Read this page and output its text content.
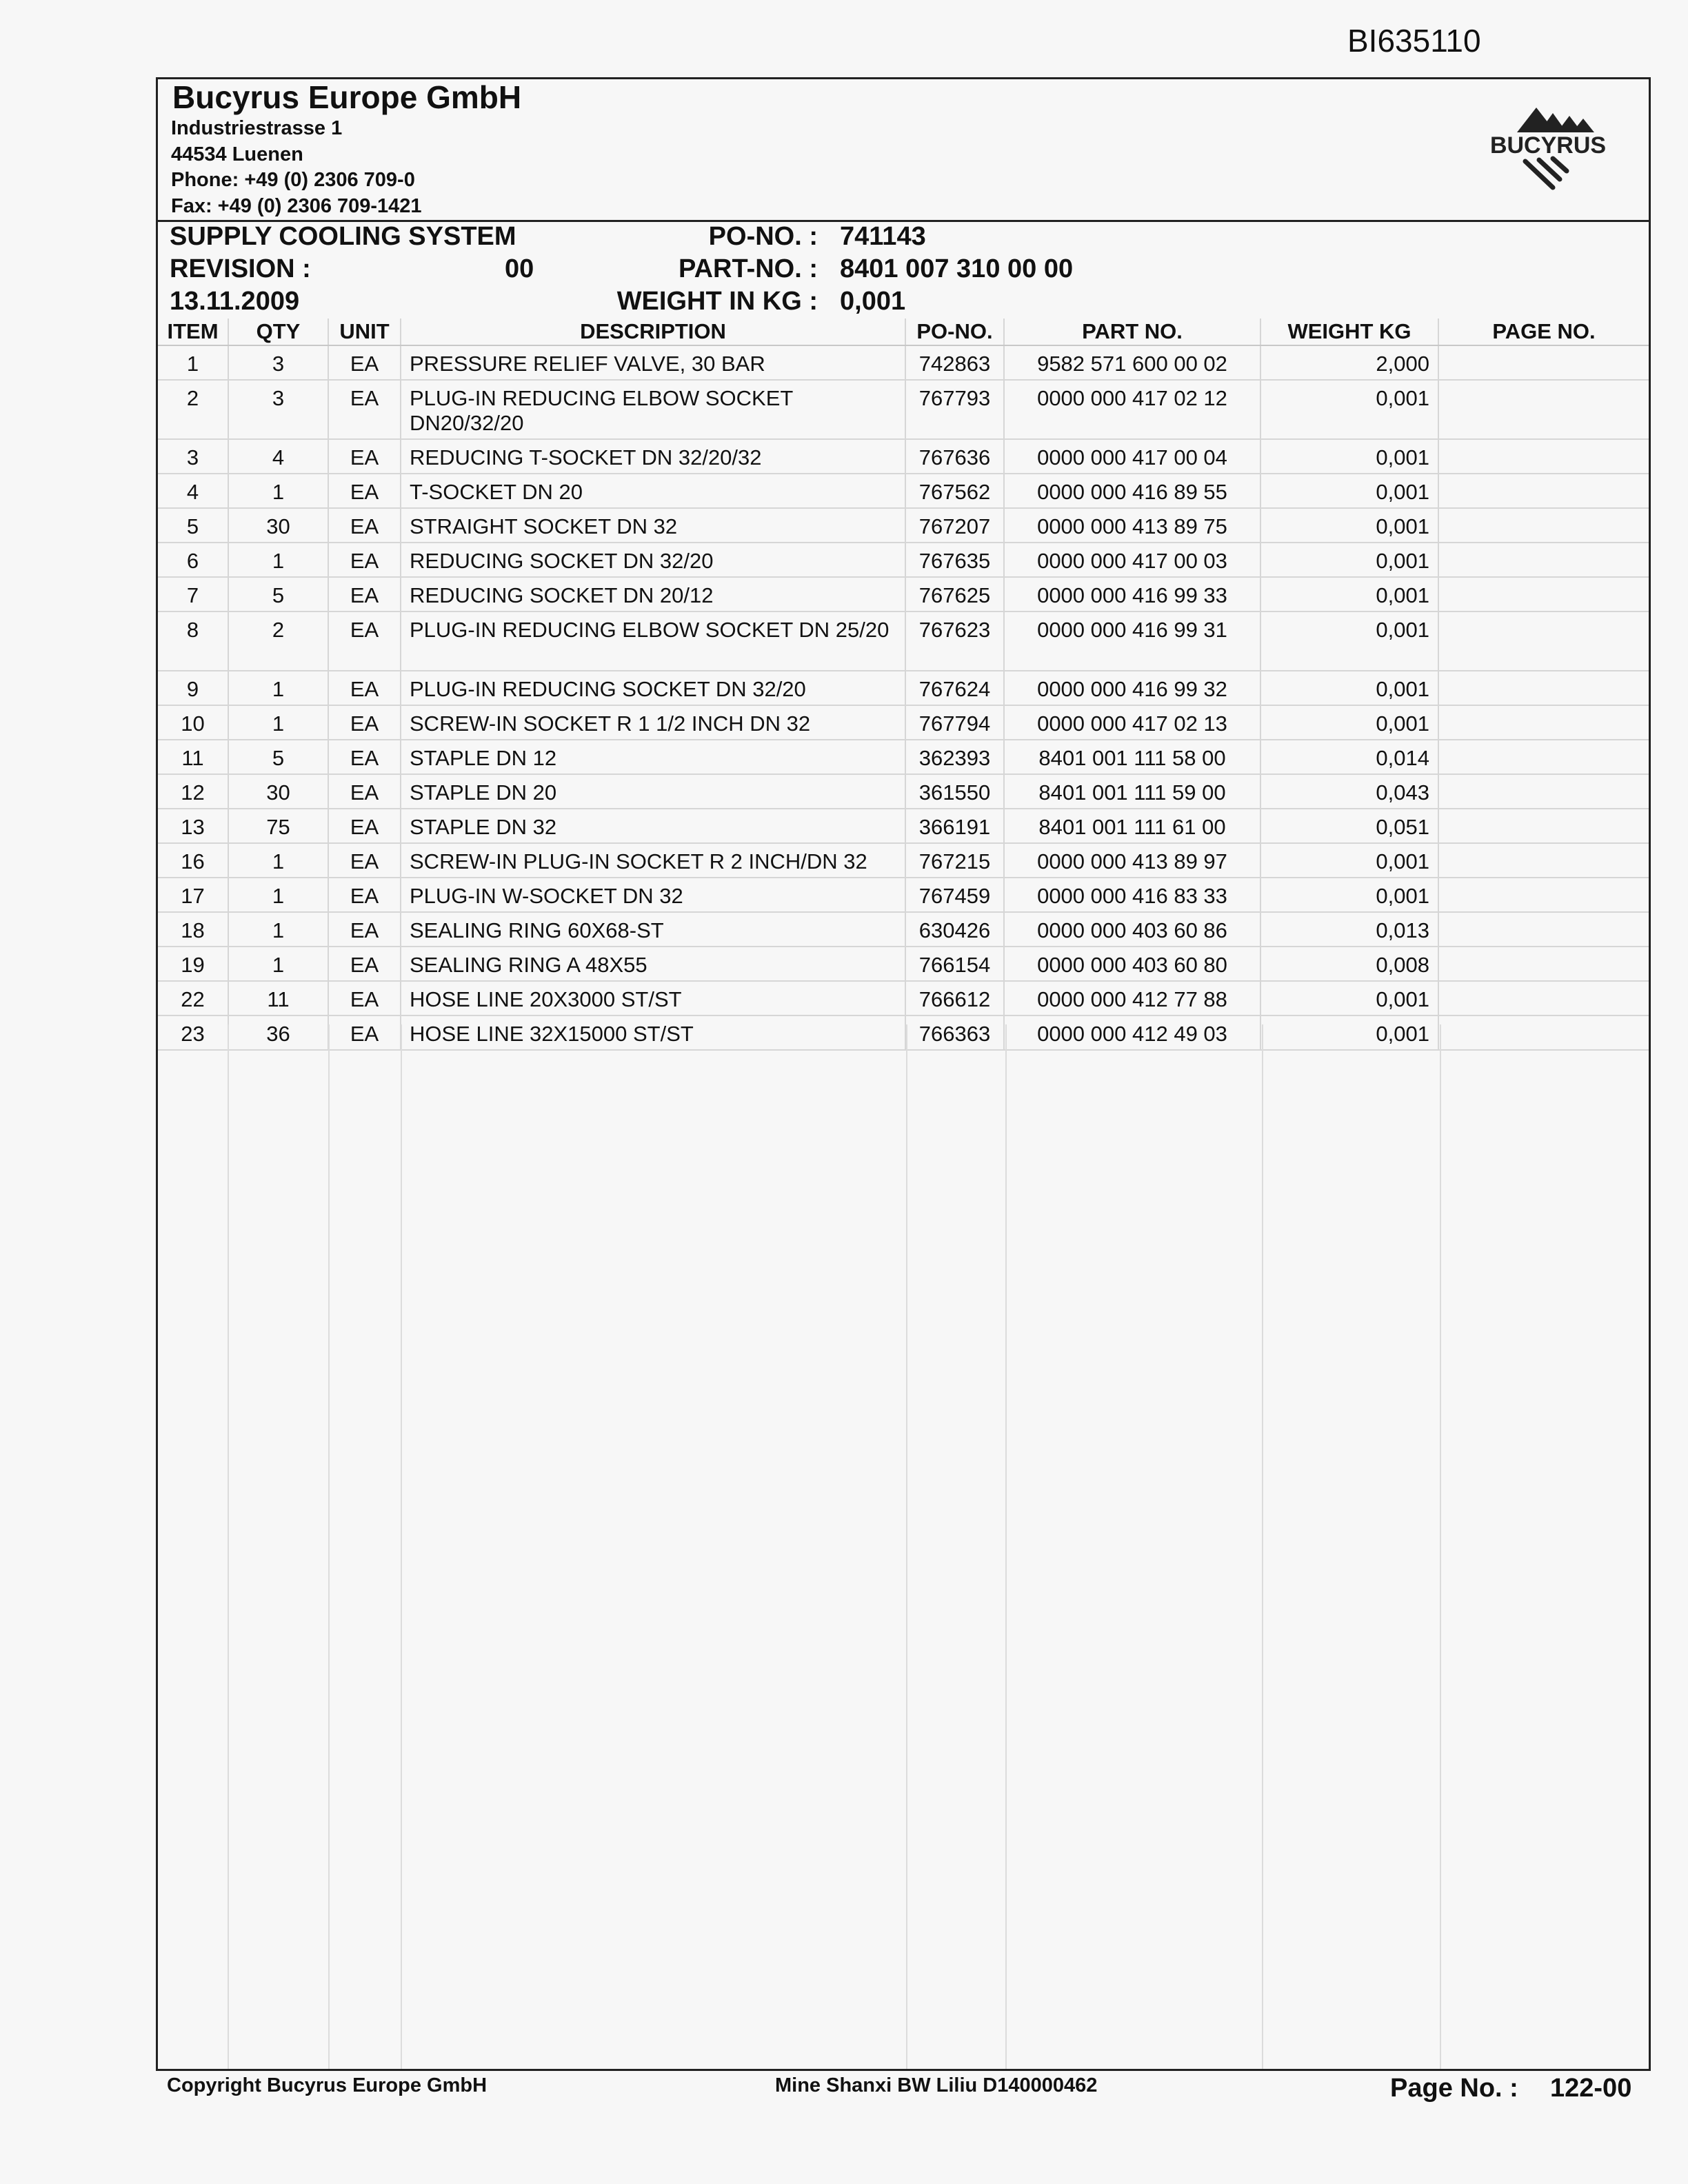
BI635110
Bucyrus Europe GmbH
Industriestrasse 1
44534 Luenen
Phone: +49 (0) 2306 709-0
Fax: +49 (0) 2306 709-1421
BUCYRUS
SUPPLY COOLING SYSTEM	PO-NO. : 741143
REVISION :	00	PART-NO. : 8401 007 310 00 00
13.11.2009	WEIGHT IN KG : 0,001
ITEM	QTY	UNIT	DESCRIPTION	PO-NO.	PART NO.	WEIGHT KG	PAGE NO.
1	3	EA	PRESSURE RELIEF VALVE, 30 BAR	742863	9582 571 600 00 02	2,000	
2	3	EA	PLUG-IN REDUCING ELBOW SOCKET DN20/32/20	767793	0000 000 417 02 12	0,001	
3	4	EA	REDUCING T-SOCKET DN 32/20/32	767636	0000 000 417 00 04	0,001	
4	1	EA	T-SOCKET DN 20	767562	0000 000 416 89 55	0,001	
5	30	EA	STRAIGHT SOCKET DN 32	767207	0000 000 413 89 75	0,001	
6	1	EA	REDUCING SOCKET DN 32/20	767635	0000 000 417 00 03	0,001	
7	5	EA	REDUCING SOCKET DN 20/12	767625	0000 000 416 99 33	0,001	
8	2	EA	PLUG-IN REDUCING ELBOW SOCKET DN 25/20	767623	0000 000 416 99 31	0,001	
9	1	EA	PLUG-IN REDUCING SOCKET DN 32/20	767624	0000 000 416 99 32	0,001	
10	1	EA	SCREW-IN SOCKET R 1 1/2 INCH DN 32	767794	0000 000 417 02 13	0,001	
11	5	EA	STAPLE DN 12	362393	8401 001 111 58 00	0,014	
12	30	EA	STAPLE DN 20	361550	8401 001 111 59 00	0,043	
13	75	EA	STAPLE DN 32	366191	8401 001 111 61 00	0,051	
16	1	EA	SCREW-IN PLUG-IN SOCKET R 2 INCH/DN 32	767215	0000 000 413 89 97	0,001	
17	1	EA	PLUG-IN W-SOCKET DN 32	767459	0000 000 416 83 33	0,001	
18	1	EA	SEALING RING 60X68-ST	630426	0000 000 403 60 86	0,013	
19	1	EA	SEALING RING A 48X55	766154	0000 000 403 60 80	0,008	
22	11	EA	HOSE LINE 20X3000 ST/ST	766612	0000 000 412 77 88	0,001	
23	36	EA	HOSE LINE 32X15000 ST/ST	766363	0000 000 412 49 03	0,001	
Copyright Bucyrus Europe GmbH	Mine Shanxi BW Liliu D140000462	Page No. : 122-00
